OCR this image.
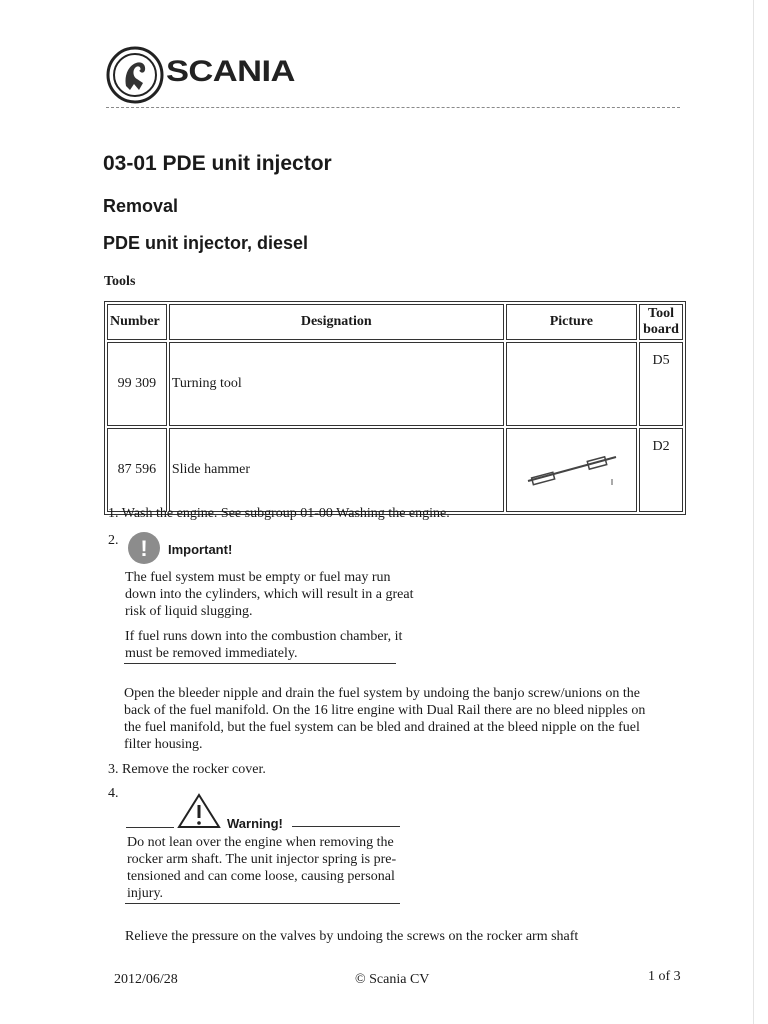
SCANIA
03-01 PDE unit injector
Removal
PDE unit injector, diesel
Tools
Number	Designation	Picture	Tool board
99 309	Turning tool		D5
87 596	Slide hammer		D2
1. Wash the engine. See subgroup 01-00 Washing the engine.
2. !	Important!
The fuel system must be empty or fuel may run down into the cylinders, which will result in a great risk of liquid slugging.
If fuel runs down into the combustion chamber, it must be removed immediately.
Open the bleeder nipple and drain the fuel system by undoing the banjo screw/unions on the back of the fuel manifold. On the 16 litre engine with Dual Rail there are no bleed nipples on the fuel manifold, but the fuel system can be bled and drained at the bleed nipple on the fuel filter housing.
3. Remove the rocker cover.
4.
Warning!
Do not lean over the engine when removing the rocker arm shaft. The unit injector spring is pre-tensioned and can come loose, causing personal injury.
Relieve the pressure on the valves by undoing the screws on the rocker arm shaft
2012/06/28	© Scania CV	1 of 3
